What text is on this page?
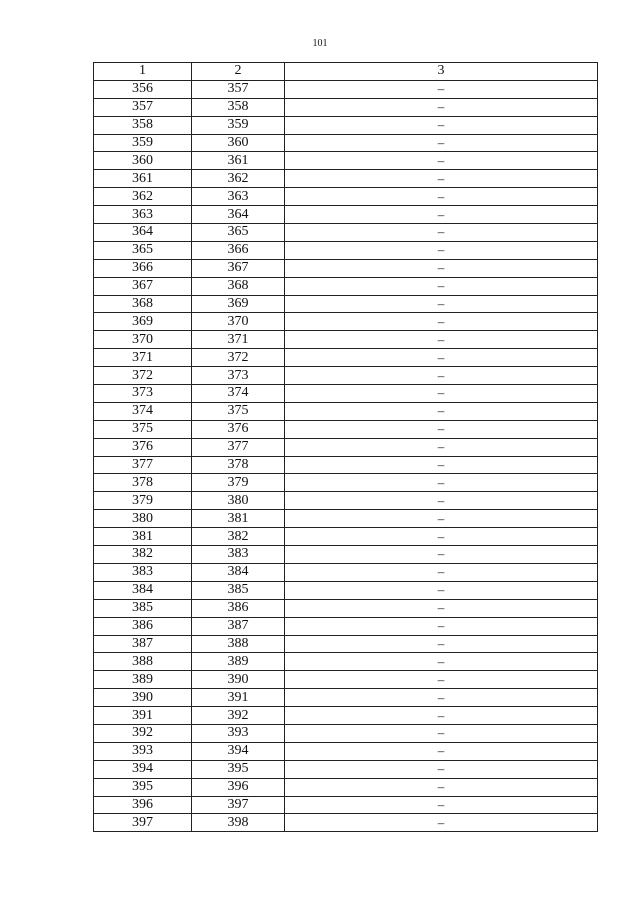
101
1	2	3
356	357	–
357	358	–
358	359	–
359	360	–
360	361	–
361	362	–
362	363	–
363	364	–
364	365	–
365	366	–
366	367	–
367	368	–
368	369	–
369	370	–
370	371	–
371	372	–
372	373	–
373	374	–
374	375	–
375	376	–
376	377	–
377	378	–
378	379	–
379	380	–
380	381	–
381	382	–
382	383	–
383	384	–
384	385	–
385	386	–
386	387	–
387	388	–
388	389	–
389	390	–
390	391	–
391	392	–
392	393	–
393	394	–
394	395	–
395	396	–
396	397	–
397	398	–
